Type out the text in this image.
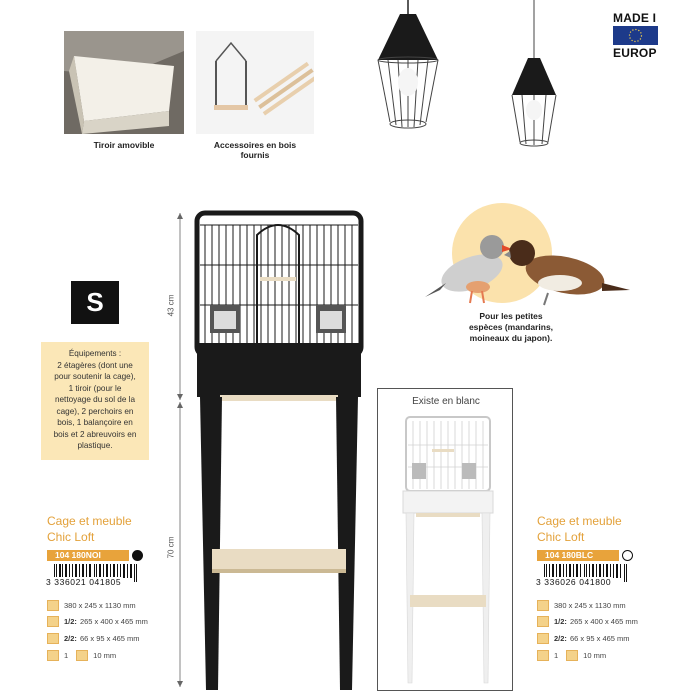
Tiroir amovible	Accessoires en bois
fournis
MADE I
EUROP
S
Équipements :
2 étagères (dont une
pour soutenir la cage),
1 tiroir (pour le
nettoyage du sol de la
cage), 2 perchoirs en
bois, 1 balançoire en
bois et 2 abreuvoirs en
plastique.
43 cm
70 cm
Pour les petites
espèces (mandarins,
moineaux du japon).
Existe en blanc
Cage et meuble
Chic Loft
104 180NOI
3 336021 041805
380 x 245 x 1130 mm
1/2: 265 x 400 x 465 mm
2/2: 66 x 95 x 465 mm
1	10 mm
Cage et meuble
Chic Loft
104 180BLC
3 336026 041800
380 x 245 x 1130 mm
1/2: 265 x 400 x 465 mm
2/2: 66 x 95 x 465 mm
1	10 mm
